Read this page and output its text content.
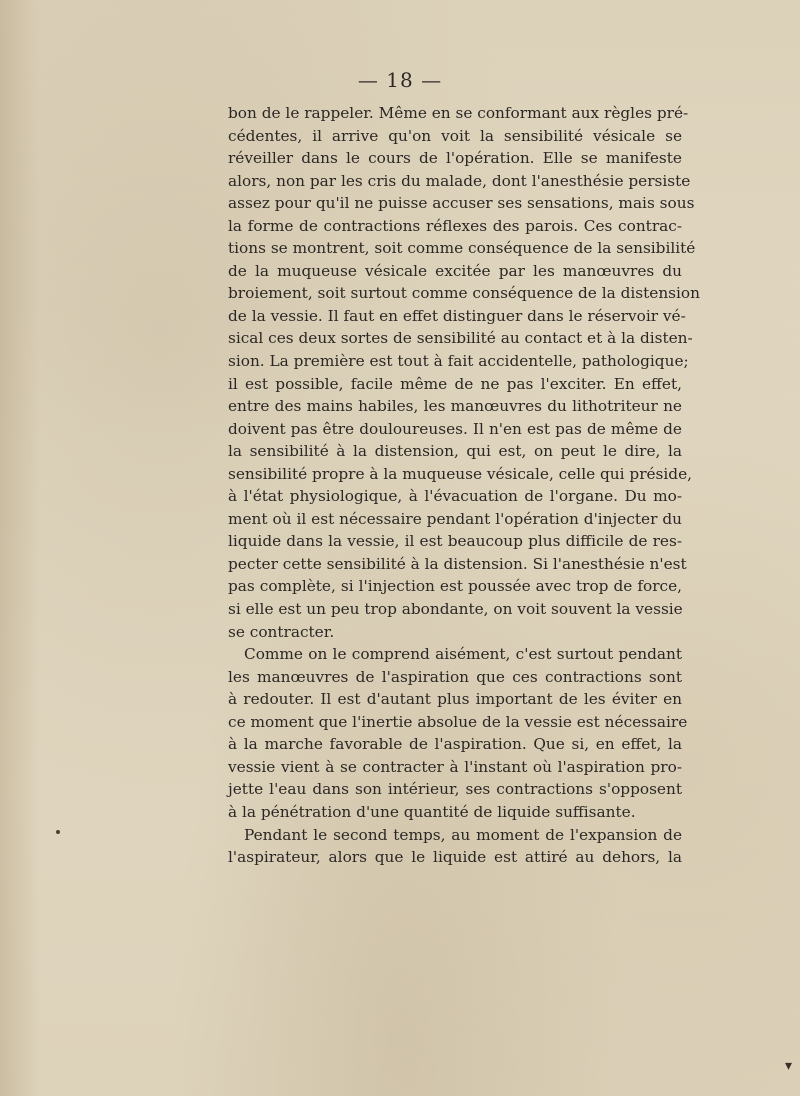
— 18 —
bon de le rappeler. Même en se conformant aux règles pré-
cédentes, il arrive qu'on voit la sensibilité vésicale se
réveiller dans le cours de l'opération. Elle se manifeste
alors, non par les cris du malade, dont l'anesthésie persiste
assez pour qu'il ne puisse accuser ses sensations, mais sous
la forme de contractions réflexes des parois. Ces contrac-
tions se montrent, soit comme conséquence de la sensibilité
de la muqueuse vésicale excitée par les manœuvres du
broiement, soit surtout comme conséquence de la distension
de la vessie. Il faut en effet distinguer dans le réservoir vé-
sical ces deux sortes de sensibilité au contact et à la disten-
sion. La première est tout à fait accidentelle, pathologique;
il est possible, facile même de ne pas l'exciter. En effet,
entre des mains habiles, les manœuvres du lithotriteur ne
doivent pas être douloureuses. Il n'en est pas de même de
la sensibilité à la distension, qui est, on peut le dire, la
sensibilité propre à la muqueuse vésicale, celle qui préside,
à l'état physiologique, à l'évacuation de l'organe. Du mo-
ment où il est nécessaire pendant l'opération d'injecter du
liquide dans la vessie, il est beaucoup plus difficile de res-
pecter cette sensibilité à la distension. Si l'anesthésie n'est
pas complète, si l'injection est poussée avec trop de force,
si elle est un peu trop abondante, on voit souvent la vessie
se contracter.
Comme on le comprend aisément, c'est surtout pendant
les manœuvres de l'aspiration que ces contractions sont
à redouter. Il est d'autant plus important de les éviter en
ce moment que l'inertie absolue de la vessie est nécessaire
à la marche favorable de l'aspiration. Que si, en effet, la
vessie vient à se contracter à l'instant où l'aspiration pro-
jette l'eau dans son intérieur, ses contractions s'opposent
à la pénétration d'une quantité de liquide suffisante.
Pendant le second temps, au moment de l'expansion de
l'aspirateur, alors que le liquide est attiré au dehors, la
▾
